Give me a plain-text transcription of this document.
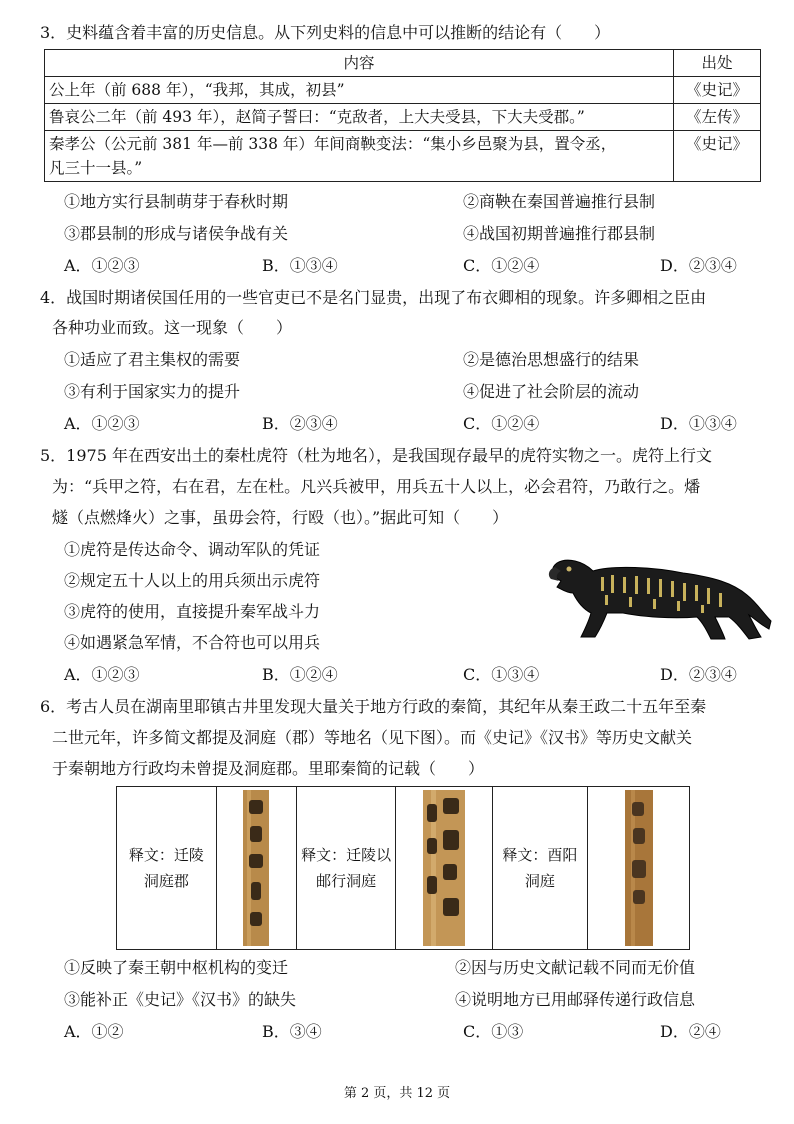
3．史料蕴含着丰富的历史信息。从下列史料的信息中可以推断的结论有（　　）
内容	出处
公上年（前 688 年），“我邦，其成，初县”	《史记》
鲁哀公二年（前 493 年），赵简子誓曰：“克敌者，上大夫受县，下大夫受郡。”	《左传》

秦孝公（公元前 381 年—前 338 年）年间商鞅变法：“集小乡邑聚为县，置令丞，
凡三十一县。”	《史记》
①地方实行县制萌芽于春秋时期	②商鞅在秦国普遍推行县制
③郡县制的形成与诸侯争战有关	④战国初期普遍推行郡县制
A．①②③	B．①③④	C．①②④	D．②③④
4．战国时期诸侯国任用的一些官吏已不是名门显贵，出现了布衣卿相的现象。许多卿相之臣由
各种功业而致。这一现象（　　）
①适应了君主集权的需要	②是德治思想盛行的结果
③有利于国家实力的提升	④促进了社会阶层的流动
A．①②③	B．②③④	C．①②④	D．①③④
5．1975 年在西安出土的秦杜虎符（杜为地名），是我国现存最早的虎符实物之一。虎符上行文
为：“兵甲之符，右在君，左在杜。凡兴兵被甲，用兵五十人以上，必会君符，乃敢行之。燔
燧（点燃烽火）之事，虽毋会符，行殴（也）。”据此可知（　　）
①虎符是传达命令、调动军队的凭证
②规定五十人以上的用兵须出示虎符
③虎符的使用，直接提升秦军战斗力
④如遇紧急军情，不合符也可以用兵
A．①②③	B．①②④	C．①③④	D．②③④
6．考古人员在湖南里耶镇古井里发现大量关于地方行政的秦简，其纪年从秦王政二十五年至秦
二世元年，许多简文都提及洞庭（郡）等地名（见下图）。而《史记》《汉书》等历史文献关
于秦朝地方行政均未曾提及洞庭郡。里耶秦简的记载（　　）
释文：迁陵
洞庭郡

释文：迁陵以
邮行洞庭

释文：酉阳
洞庭

①反映了秦王朝中枢机构的变迁	②因与历史文献记载不同而无价值
③能补正《史记》《汉书》的缺失	④说明地方已用邮驿传递行政信息
A．①②	B．③④	C．①③	D．②④
第 2 页，共 12 页
